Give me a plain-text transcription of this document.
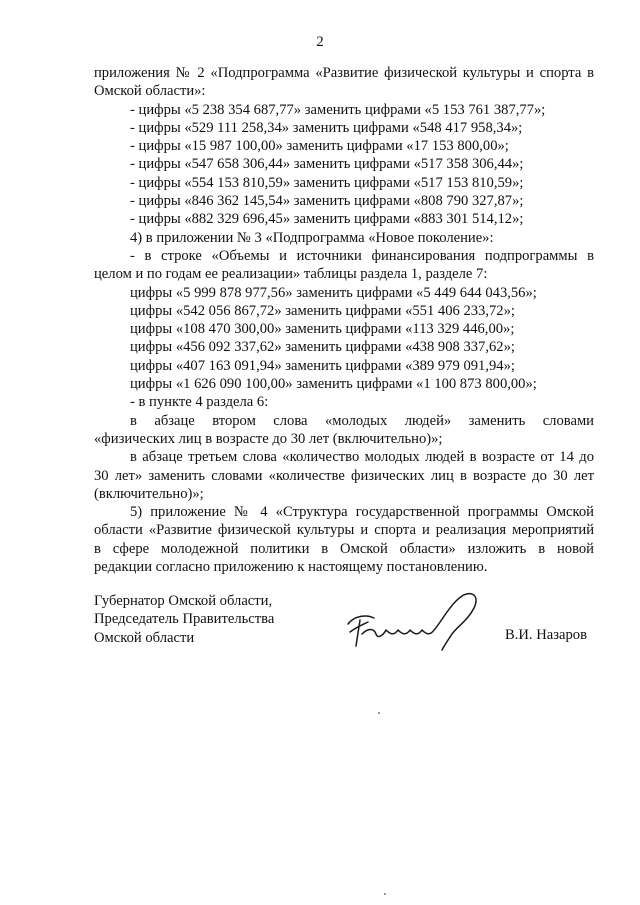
2
приложения № 2 «Подпрограмма «Развитие физической культуры и спорта в
Омской области»:
- цифры «5 238 354 687,77» заменить цифрами «5 153 761 387,77»;
- цифры «529 111 258,34» заменить цифрами «548 417 958,34»;
- цифры «15 987 100,00» заменить цифрами «17 153 800,00»;
- цифры «547 658 306,44» заменить цифрами «517 358 306,44»;
- цифры «554 153 810,59» заменить цифрами «517 153 810,59»;
- цифры «846 362 145,54» заменить цифрами «808 790 327,87»;
- цифры «882 329 696,45» заменить цифрами «883 301 514,12»;
4) в приложении № 3 «Подпрограмма «Новое поколение»:
- в строке «Объемы и источники финансирования подпрограммы в
целом и по годам ее реализации» таблицы раздела 1, разделе 7:
цифры «5 999 878 977,56» заменить цифрами «5 449 644 043,56»;
цифры «542 056 867,72» заменить цифрами «551 406 233,72»;
цифры «108 470 300,00» заменить цифрами «113 329 446,00»;
цифры «456 092 337,62» заменить цифрами «438 908 337,62»;
цифры «407 163 091,94» заменить цифрами «389 979 091,94»;
цифры «1 626 090 100,00» заменить цифрами «1 100 873 800,00»;
- в пункте 4 раздела 6:
в абзаце втором слова «молодых людей» заменить словами
«физических лиц в возрасте до 30 лет (включительно)»;
в абзаце третьем слова «количество молодых людей в возрасте от 14 до
30 лет» заменить словами «количестве физических лиц в возрасте до 30 лет
(включительно)»;
5) приложение № 4 «Структура государственной программы Омской
области «Развитие физической культуры и спорта и реализация мероприятий
в сфере молодежной политики в Омской области» изложить в новой
редакции согласно приложению к настоящему постановлению.
Губернатор Омской области,
Председатель Правительства
Омской области	В.И. Назаров
